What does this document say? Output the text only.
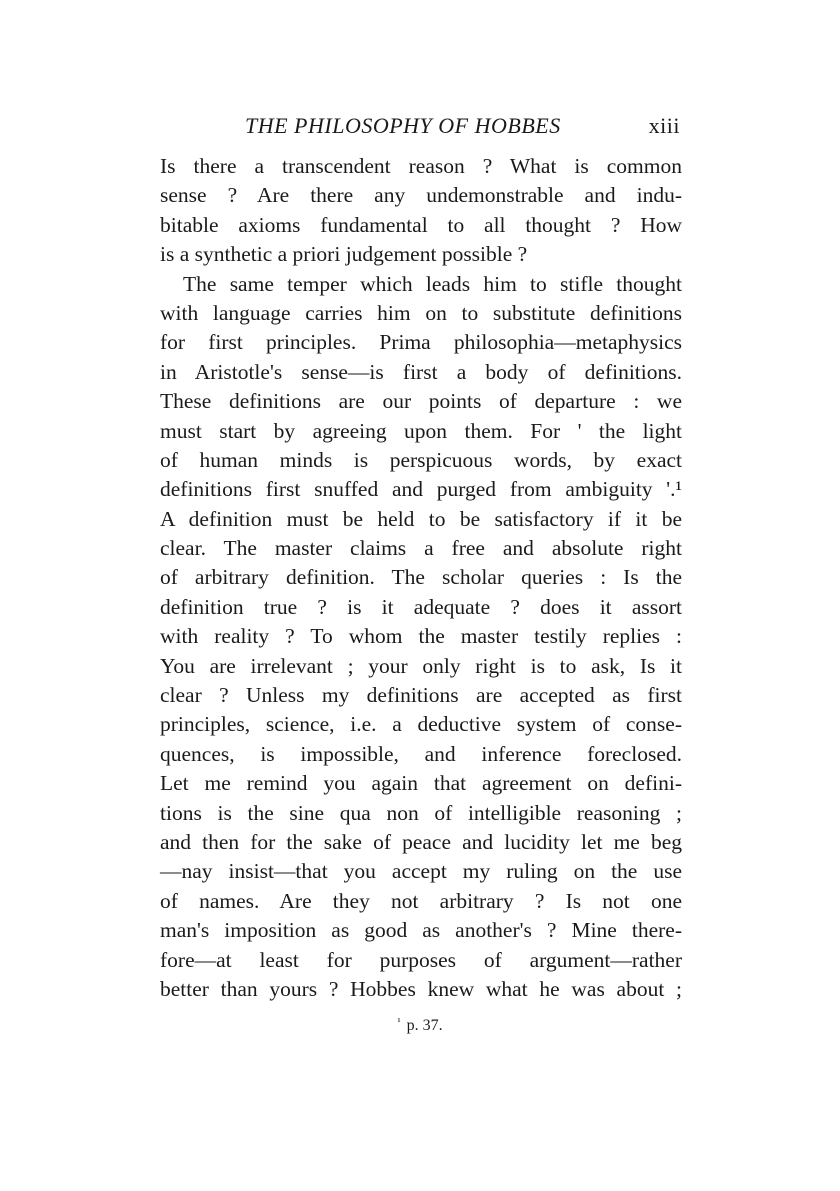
THE PHILOSOPHY OF HOBBES	xiii
Is there a transcendent reason ? What is common
sense ? Are there any undemonstrable and indu-
bitable axioms fundamental to all thought ? How
is a synthetic a priori judgement possible ?
The same temper which leads him to stifle thought
with language carries him on to substitute definitions
for first principles. Prima philosophia—metaphysics
in Aristotle's sense—is first a body of definitions.
These definitions are our points of departure : we
must start by agreeing upon them. For ' the light
of human minds is perspicuous words, by exact
definitions first snuffed and purged from ambiguity '.¹
A definition must be held to be satisfactory if it be
clear. The master claims a free and absolute right
of arbitrary definition. The scholar queries : Is the
definition true ? is it adequate ? does it assort
with reality ? To whom the master testily replies :
You are irrelevant ; your only right is to ask, Is it
clear ? Unless my definitions are accepted as first
principles, science, i.e. a deductive system of conse-
quences, is impossible, and inference foreclosed.
Let me remind you again that agreement on defini-
tions is the sine qua non of intelligible reasoning ;
and then for the sake of peace and lucidity let me beg
—nay insist—that you accept my ruling on the use
of names. Are they not arbitrary ? Is not one
man's imposition as good as another's ? Mine there-
fore—at least for purposes of argument—rather
better than yours ? Hobbes knew what he was about ;
$^{^1}$ p. 37.
